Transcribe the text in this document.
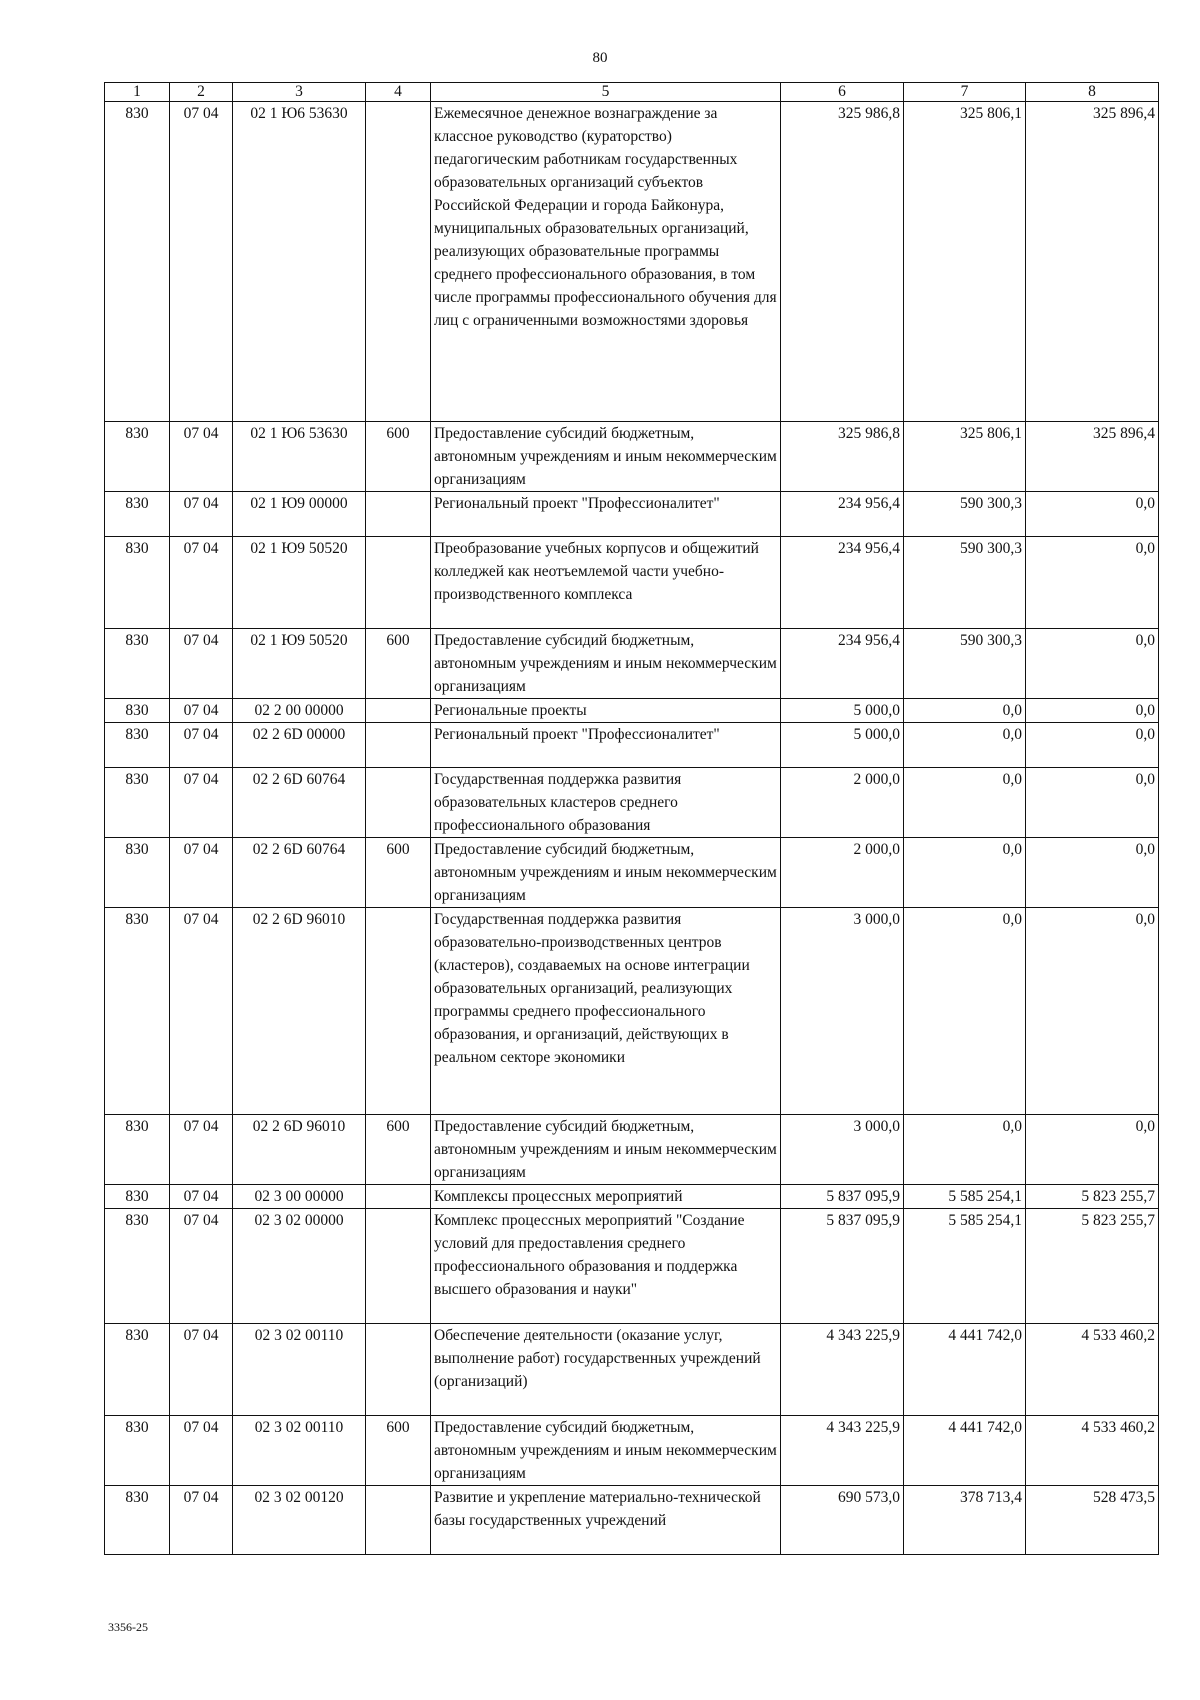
80
1	2	3	4	5	6	7	8
830	07 04	02 1 Ю6 53630		Ежемесячное денежное вознаграждение за классное руководство (кураторство) педагогическим работникам государственных образовательных организаций субъектов Российской Федерации и города Байконура, муниципальных образовательных организаций, реализующих образовательные программы среднего профессионального образования, в том числе программы профессионального обучения для лиц с ограниченными возможностями здоровья	325 986,8	325 806,1	325 896,4
830	07 04	02 1 Ю6 53630	600	Предоставление субсидий бюджетным, автономным учреждениям и иным некоммерческим организациям	325 986,8	325 806,1	325 896,4
830	07 04	02 1 Ю9 00000		Региональный проект "Профессионалитет"	234 956,4	590 300,3	0,0
830	07 04	02 1 Ю9 50520		Преобразование учебных корпусов и общежитий колледжей как неотъемлемой части учебно-производственного комплекса	234 956,4	590 300,3	0,0
830	07 04	02 1 Ю9 50520	600	Предоставление субсидий бюджетным, автономным учреждениям и иным некоммерческим организациям	234 956,4	590 300,3	0,0
830	07 04	02 2 00 00000		Региональные проекты	5 000,0	0,0	0,0
830	07 04	02 2 6D 00000		Региональный проект "Профессионалитет"	5 000,0	0,0	0,0
830	07 04	02 2 6D 60764		Государственная поддержка развития образовательных кластеров среднего профессионального образования	2 000,0	0,0	0,0
830	07 04	02 2 6D 60764	600	Предоставление субсидий бюджетным, автономным учреждениям и иным некоммерческим организациям	2 000,0	0,0	0,0
830	07 04	02 2 6D 96010		Государственная поддержка развития образовательно-производственных центров (кластеров), создаваемых на основе интеграции образовательных организаций, реализующих программы среднего профессионального образования, и организаций, действующих в реальном секторе экономики	3 000,0	0,0	0,0
830	07 04	02 2 6D 96010	600	Предоставление субсидий бюджетным, автономным учреждениям и иным некоммерческим организациям	3 000,0	0,0	0,0
830	07 04	02 3 00 00000		Комплексы процессных мероприятий	5 837 095,9	5 585 254,1	5 823 255,7
830	07 04	02 3 02 00000		Комплекс процессных мероприятий "Создание условий для предоставления среднего профессионального образования и поддержка высшего образования и науки"	5 837 095,9	5 585 254,1	5 823 255,7
830	07 04	02 3 02 00110		Обеспечение деятельности (оказание услуг, выполнение работ) государственных учреждений (организаций)	4 343 225,9	4 441 742,0	4 533 460,2
830	07 04	02 3 02 00110	600	Предоставление субсидий бюджетным, автономным учреждениям и иным некоммерческим организациям	4 343 225,9	4 441 742,0	4 533 460,2
830	07 04	02 3 02 00120		Развитие и укрепление материально-технической базы государственных учреждений	690 573,0	378 713,4	528 473,5
3356-25
